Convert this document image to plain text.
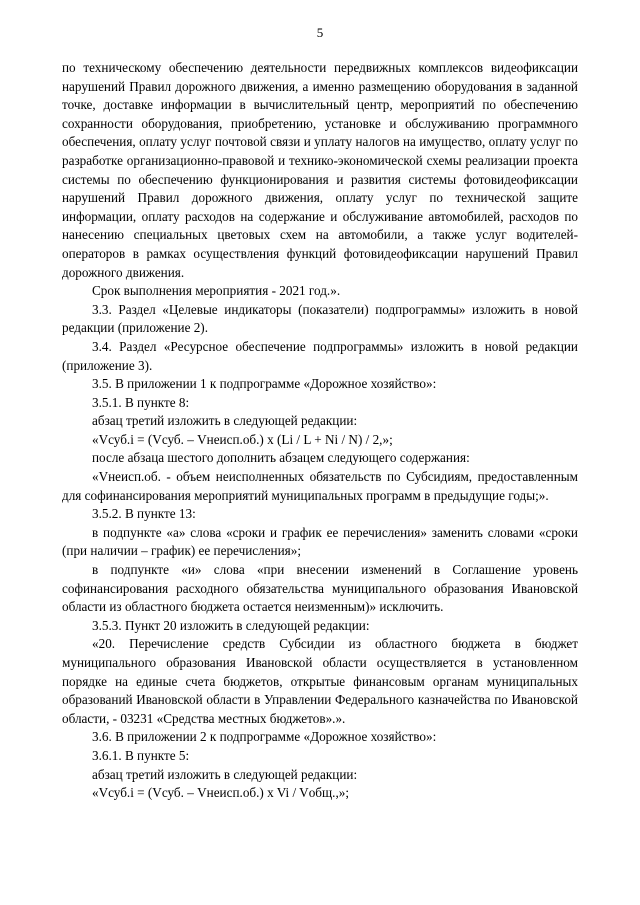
5

по техническому обеспечению деятельности передвижных комплексов видеофиксации нарушений Правил дорожного движения, а именно размещению оборудования в заданной точке, доставке информации в вычислительный центр, мероприятий по обеспечению сохранности оборудования, приобретению, установке и обслуживанию программного обеспечения, оплату услуг почтовой связи и уплату налогов на имущество, оплату услуг по разработке организационно-правовой и технико-экономической схемы реализации проекта системы по обеспечению функционирования и развития системы фотовидеофиксации нарушений Правил дорожного движения, оплату услуг по технической защите информации, оплату расходов на содержание и обслуживание автомобилей, расходов по нанесению специальных цветовых схем на автомобили, а также услуг водителей-операторов в рамках осуществления функций фотовидеофиксации нарушений Правил дорожного движения.

Срок выполнения мероприятия - 2021 год.».

3.3. Раздел «Целевые индикаторы (показатели) подпрограммы» изложить в новой редакции (приложение 2).

3.4. Раздел «Ресурсное обеспечение подпрограммы» изложить в новой редакции (приложение 3).

3.5. В приложении 1 к подпрограмме «Дорожное хозяйство»:

3.5.1. В пункте 8:

абзац третий изложить в следующей редакции:

«Vсуб.i = (Vсуб. – Vнеисп.об.) x (Li / L + Ni / N) / 2,»;

после абзаца шестого дополнить абзацем следующего содержания:

«Vнеисп.об. - объем неисполненных обязательств по Субсидиям, предоставленным для софинансирования мероприятий муниципальных программ в предыдущие годы;».

3.5.2. В пункте 13:

в подпункте «а» слова «сроки и график ее перечисления» заменить словами «сроки (при наличии – график) ее перечисления»;

в подпункте «и» слова «при внесении изменений в Соглашение уровень софинансирования расходного обязательства муниципального образования Ивановской области из областного бюджета остается неизменным)» исключить.

3.5.3. Пункт 20 изложить в следующей редакции:

«20. Перечисление средств Субсидии из областного бюджета в бюджет муниципального образования Ивановской области осуществляется в установленном порядке на единые счета бюджетов, открытые финансовым органам муниципальных образований Ивановской области в Управлении Федерального казначейства по Ивановской области, - 03231 «Средства местных бюджетов».».

3.6. В приложении 2 к подпрограмме «Дорожное хозяйство»:

3.6.1. В пункте 5:

абзац третий изложить в следующей редакции:

«Vсуб.i = (Vсуб. – Vнеисп.об.) x Vi / Vобщ.,»;
